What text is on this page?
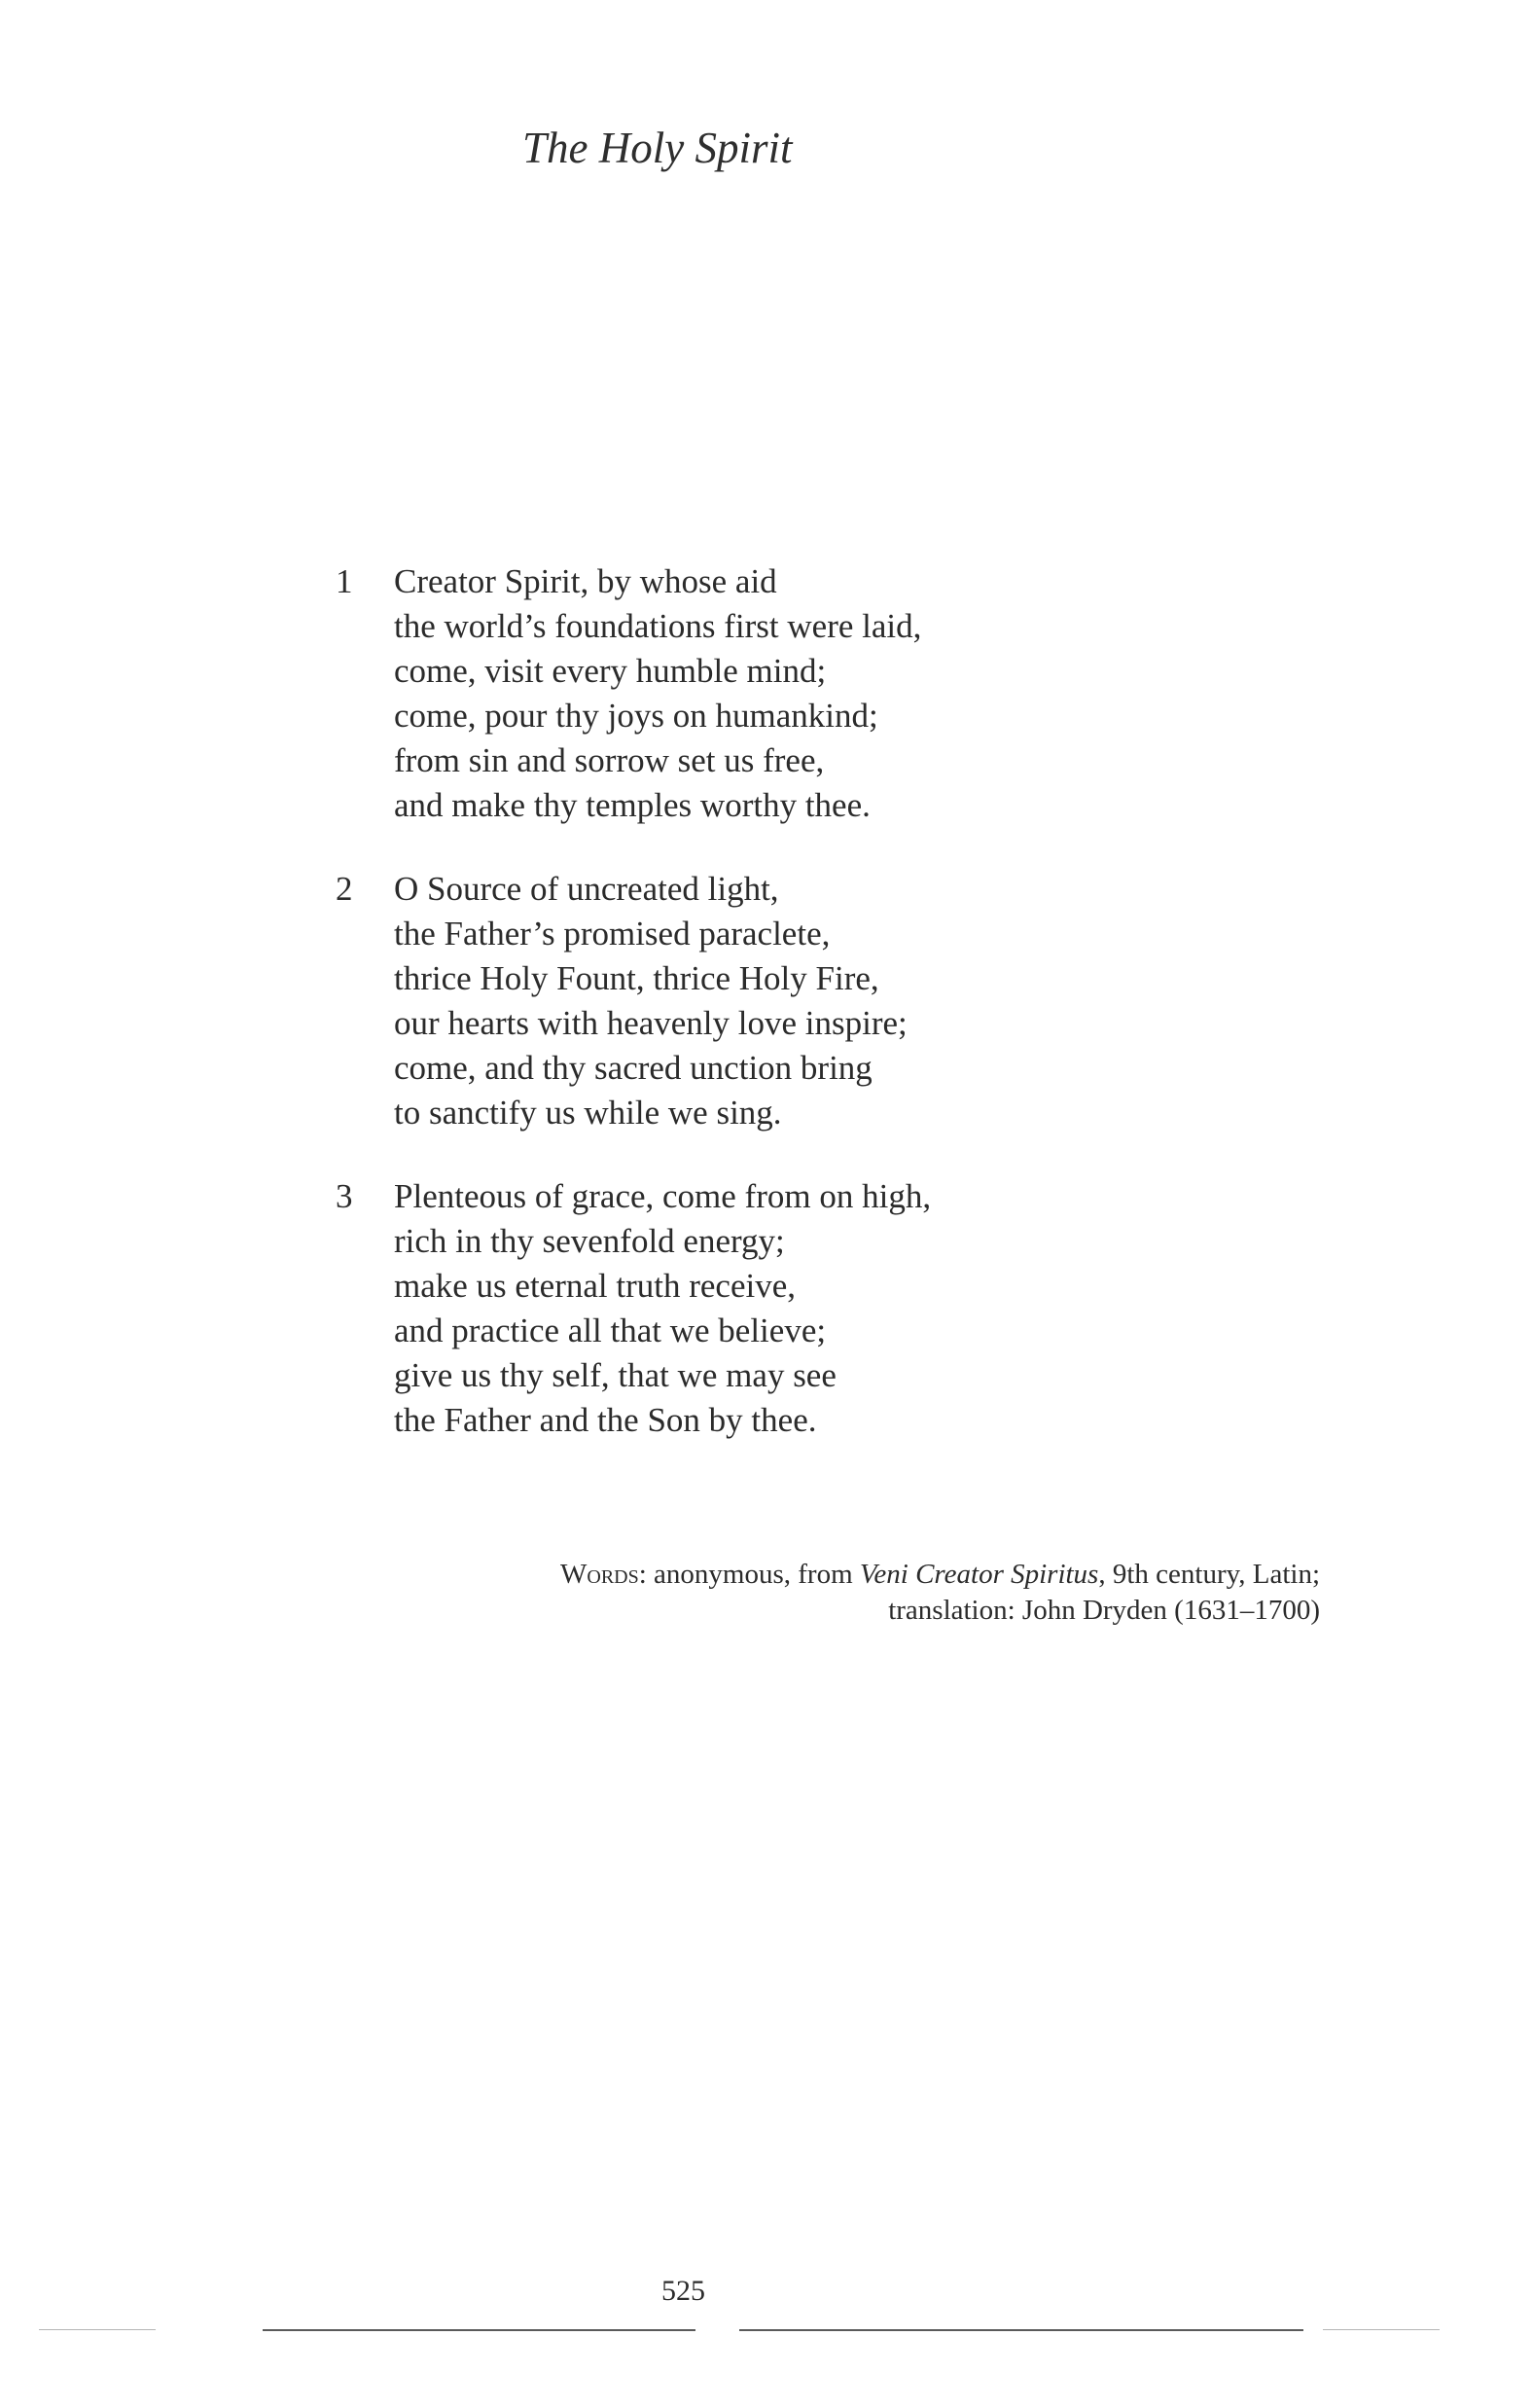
The Holy Spirit
1 Creator Spirit, by whose aid
the world’s foundations first were laid,
come, visit every humble mind;
come, pour thy joys on humankind;
from sin and sorrow set us free,
and make thy temples worthy thee.
2 O Source of uncreated light,
the Father’s promised paraclete,
thrice Holy Fount, thrice Holy Fire,
our hearts with heavenly love inspire;
come, and thy sacred unction bring
to sanctify us while we sing.
3 Plenteous of grace, come from on high,
rich in thy sevenfold energy;
make us eternal truth receive,
and practice all that we believe;
give us thy self, that we may see
the Father and the Son by thee.
Words: anonymous, from Veni Creator Spiritus, 9th century, Latin;
translation: John Dryden (1631–1700)
525
